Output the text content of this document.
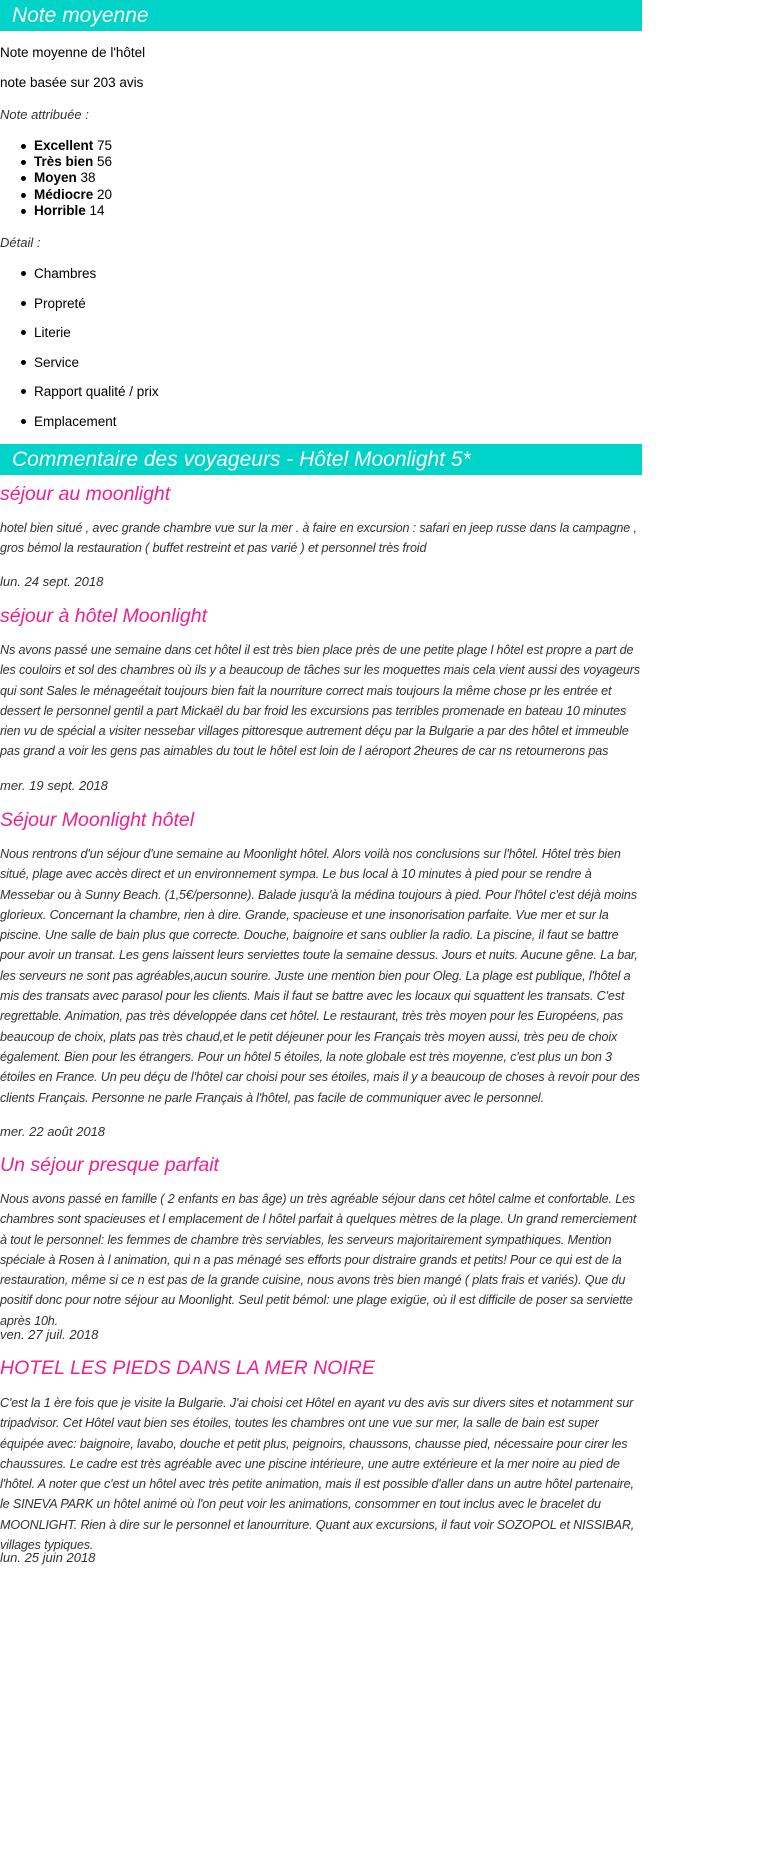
Note moyenne

Note moyenne de l'hôtel

note basée sur 203 avis

Note attribuée :

Excellent 75
Très bien 56
Moyen 38
Médiocre 20
Horrible 14

Détail :

Chambres
Propreté
Literie
Service
Rapport qualité / prix
Emplacement
Commentaire des voyageurs - Hôtel Moonlight 5*
séjour au moonlight

hotel bien situé , avec grande chambre vue sur la mer . à faire en excursion : safari en jeep russe dans la campagne , gros bémol la restauration ( buffet restreint et pas varié ) et personnel très froid

lun. 24 sept. 2018

séjour à hôtel Moonlight

Ns avons passé une semaine dans cet hôtel il est très bien place près de une petite plage l hôtel est propre a part de les couloirs et sol des chambres où ils y a beaucoup de tâches sur les moquettes mais cela vient aussi des voyageurs qui sont Sales le ménageétait toujours bien fait la nourriture correct mais toujours la même chose pr les entrée et dessert le personnel gentil a part Mickaël du bar froid les excursions pas terribles promenade en bateau 10 minutes rien vu de spécial a visiter nessebar villages pittoresque autrement déçu par la Bulgarie a par des hôtel et immeuble pas grand a voir les gens pas aimables du tout le hôtel est loin de l aéroport 2heures de car ns retournerons pas

mer. 19 sept. 2018

Séjour Moonlight hôtel

Nous rentrons d'un séjour d'une semaine au Moonlight hôtel. Alors voilà nos conclusions sur l'hôtel. Hôtel très bien situé, plage avec accès direct et un environnement sympa. Le bus local à 10 minutes à pied pour se rendre à Messebar ou à Sunny Beach. (1,5€/personne). Balade jusqu'à la médina toujours à pied. Pour l'hôtel c'est déjà moins glorieux. Concernant la chambre, rien à dire. Grande, spacieuse et une insonorisation parfaite. Vue mer et sur la piscine. Une salle de bain plus que correcte. Douche, baignoire et sans oublier la radio. La piscine, il faut se battre pour avoir un transat. Les gens laissent leurs serviettes toute la semaine dessus. Jours et nuits. Aucune gêne. La bar, les serveurs ne sont pas agréables,aucun sourire. Juste une mention bien pour Oleg. La plage est publique, l'hôtel a mis des transats avec parasol pour les clients. Mais il faut se battre avec les locaux qui squattent les transats. C'est regrettable. Animation, pas très développée dans cet hôtel. Le restaurant, très très moyen pour les Européens, pas beaucoup de choix, plats pas très chaud,et le petit déjeuner pour les Français très moyen aussi, très peu de choix également. Bien pour les étrangers. Pour un hôtel 5 étoiles, la note globale est très moyenne, c'est plus un bon 3 étoiles en France. Un peu déçu de l'hôtel car choisi pour ses étoiles, mais il y a beaucoup de choses à revoir pour des clients Français. Personne ne parle Français à l'hôtel, pas facile de communiquer avec le personnel.

mer. 22 août 2018

Un séjour presque parfait

Nous avons passé en famille ( 2 enfants en bas âge) un très agréable séjour dans cet hôtel calme et confortable. Les chambres sont spacieuses et l emplacement de l hôtel parfait à quelques mètres de la plage. Un grand remerciement à tout le personnel: les femmes de chambre très serviables, les serveurs majoritairement sympathiques. Mention spéciale à Rosen à l animation, qui n a pas ménagé ses efforts pour distraire grands et petits! Pour ce qui est de la restauration, même si ce n est pas de la grande cuisine, nous avons très bien mangé ( plats frais et variés). Que du positif donc pour notre séjour au Moonlight. Seul petit bémol: une plage exigüe, où il est difficile de poser sa serviette après 10h.

ven. 27 juil. 2018

HOTEL LES PIEDS DANS LA MER NOIRE

C'est la 1 ère fois que je visite la Bulgarie. J'ai choisi cet Hôtel en ayant vu des avis sur divers sites et notamment sur tripadvisor. Cet Hôtel vaut bien ses étoiles, toutes les chambres ont une vue sur mer, la salle de bain est super équipée avec: baignoire, lavabo, douche et petit plus, peignoirs, chaussons, chausse pied, nécessaire pour cirer les chaussures. Le cadre est très agréable avec une piscine intérieure, une autre extérieure et la mer noire au pied de l'hôtel. A noter que c'est un hôtel avec très petite animation, mais il est possible d'aller dans un autre hôtel partenaire, le SINEVA PARK un hôtel animé où l'on peut voir les animations, consommer en tout inclus avec le bracelet du MOONLIGHT. Rien à dire sur le personnel et lanourriture. Quant aux excursions, il faut voir SOZOPOL et NISSIBAR, villages typiques.

lun. 25 juin 2018
